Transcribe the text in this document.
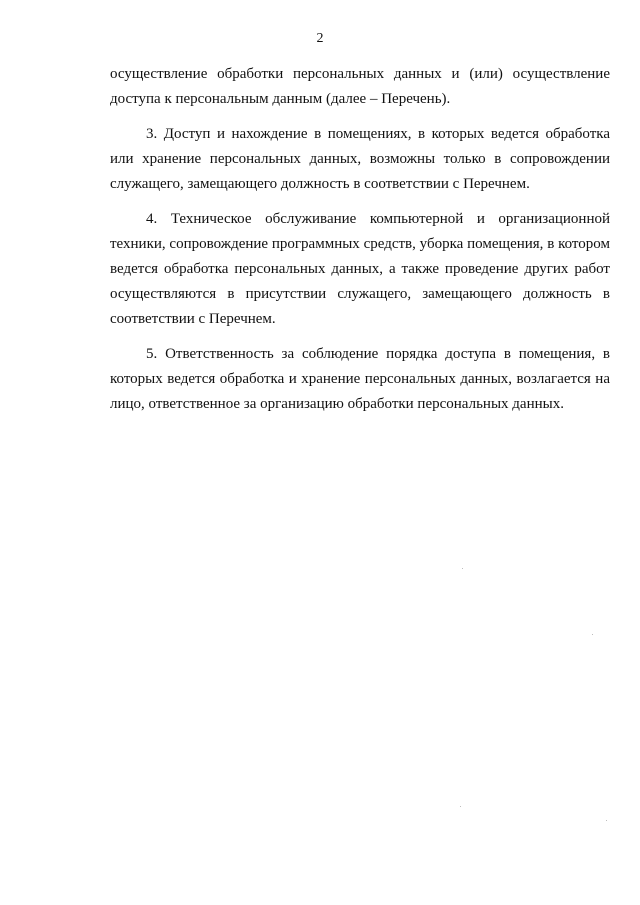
2

осуществление обработки персональных данных и (или) осуществление доступа к персональным данным (далее – Перечень).

3. Доступ и нахождение в помещениях, в которых ведется обработка или хранение персональных данных, возможны только в сопровождении служащего, замещающего должность в соответствии с Перечнем.

4. Техническое обслуживание компьютерной и организационной техники, сопровождение программных средств, уборка помещения, в котором ведется обработка персональных данных, а также проведение других работ осуществляются в присутствии служащего, замещающего должность в соответствии с Перечнем.

5. Ответственность за соблюдение порядка доступа в помещения, в которых ведется обработка и хранение персональных данных, возлагается на лицо, ответственное за организацию обработки персональных данных.
